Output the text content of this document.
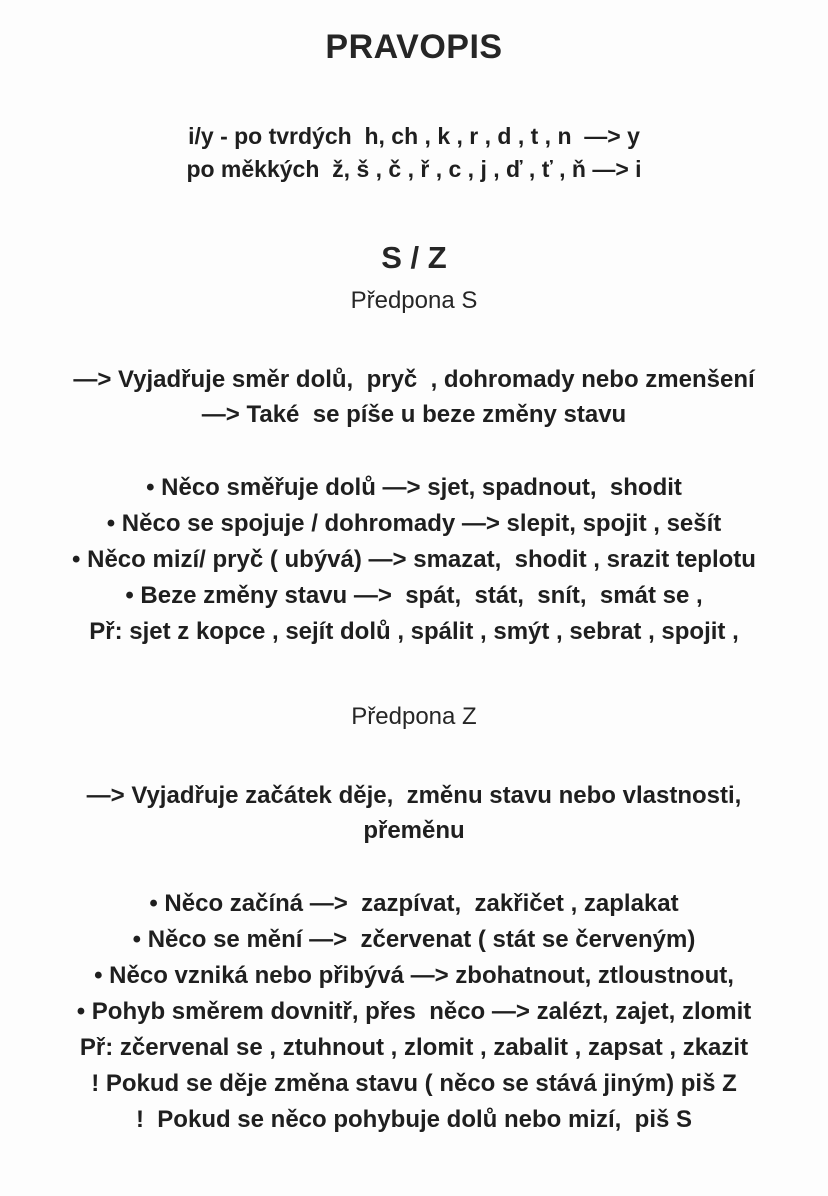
PRAVOPIS
i/y - po tvrdých  h, ch , k , r , d , t , n  —> y
po měkkých  ž, š , č , ř , c , j , ď , ť , ň —> i
S / Z
Předpona S
—> Vyjadřuje směr dolů,  pryč  , dohromady nebo zmenšení
—> Také  se píše u beze změny stavu
• Něco směřuje dolů —> sjet, spadnout,  shodit
• Něco se spojuje / dohromady —> slepit, spojit , sešít
• Něco mizí/ pryč ( ubývá) —> smazat,  shodit , srazit teplotu
• Beze změny stavu —>  spát,  stát,  snít,  smát se ,
Př: sjet z kopce , sejít dolů , spálit , smýt , sebrat , spojit ,
Předpona Z
—> Vyjadřuje začátek děje,  změnu stavu nebo vlastnosti,
přeměnu
• Něco začíná —>  zazpívat,  zakřičet , zaplakat
• Něco se mění —>  zčervenat ( stát se červeným)
• Něco vzniká nebo přibývá —> zbohatnout, ztloustnout,
• Pohyb směrem dovnitř, přes  něco —> zalézt, zajet, zlomit
Př: zčervenal se , ztuhnout , zlomit , zabalit , zapsat , zkazit
! Pokud se děje změna stavu ( něco se stává jiným) piš Z
!  Pokud se něco pohybuje dolů nebo mizí,  piš S
